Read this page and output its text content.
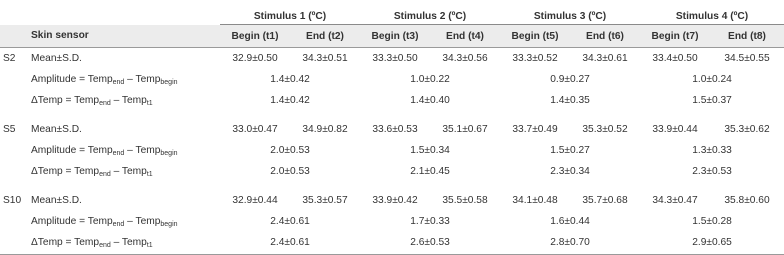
		Stimulus 1 (ºC)		Stimulus 2 (ºC)		Stimulus 3 (ºC)		Stimulus 4 (ºC)	
	Skin sensor	Begin (t1)	End (t2)	Begin (t3)	End (t4)	Begin (t5)	End (t6)	Begin (t7)	End (t8)
S2	Mean±S.D.	32.9±0.50	34.3±0.51	33.3±0.50	34.3±0.56	33.3±0.52	34.3±0.61	33.4±0.50	34.5±0.55
	Amplitude = Temp$_{end}$ – Temp$_{begin}$	1.4±0.42		1.0±0.22		0.9±0.27		1.0±0.24	
	ΔTemp = Temp$_{end}$ – Temp$_{t1}$	1.4±0.42		1.4±0.40		1.4±0.35		1.5±0.37	

S5	Mean±S.D.	33.0±0.47	34.9±0.82	33.6±0.53	35.1±0.67	33.7±0.49	35.3±0.52	33.9±0.44	35.3±0.62
	Amplitude = Temp$_{end}$ – Temp$_{begin}$	2.0±0.53		1.5±0.34		1.5±0.27		1.3±0.33	
	ΔTemp = Temp$_{end}$ – Temp$_{t1}$	2.0±0.53		2.1±0.45		2.3±0.34		2.3±0.53	

S10	Mean±S.D.	32.9±0.44	35.3±0.57	33.9±0.42	35.5±0.58	34.1±0.48	35.7±0.68	34.3±0.47	35.8±0.60
	Amplitude = Temp$_{end}$ – Temp$_{begin}$	2.4±0.61		1.7±0.33		1.6±0.44		1.5±0.28	
	ΔTemp = Temp$_{end}$ – Temp$_{t1}$	2.4±0.61		2.6±0.53		2.8±0.70		2.9±0.65	
